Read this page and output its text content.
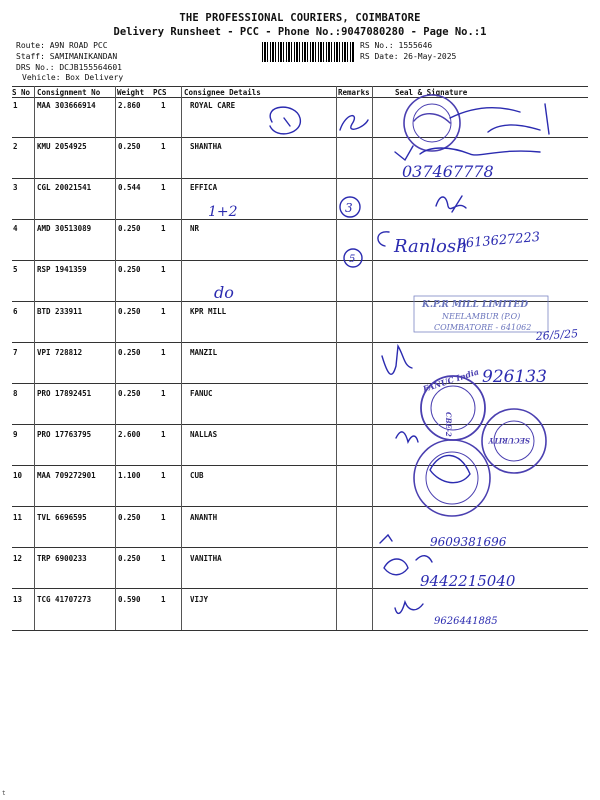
THE PROFESSIONAL COURIERS, COIMBATORE
Delivery Runsheet - PCC - Phone No.:9047080280 - Page No.:1
Route: A9N ROAD PCC
Staff: SAMIMANIKANDAN
DRS No.: DCJB155564601
Vehicle: Box Delivery
RS No.: 1555646
RS Date: 26-May-2025
S No Consignment No Weight PCS Consignee Details	Remarks	Seal & Signature
1	MAA 303666914	2.860	1	ROYAL CARE
2	KMU 2054925	0.250	1	SHANTHA
3	CGL 20021541	0.544	1	EFFICA
4	AMD 30513089	0.250	1	NR
5	RSP 1941359	0.250	1
6	BTD 233911	0.250	1	KPR MILL
7	VPI 728812	0.250	1	MANZIL
8	PRO 17892451	0.250	1	FANUC
9	PRO 17763795	2.600	1	NALLAS
10 MAA 709272901	1.100	1	CUB
11 TVL 6696595	0.250	1	ANANTH
12 TRP 6900233	0.250	1	VANITHA
13 TCG 41707273	0.590	1	VIJY
1+2	3
do
5
037467778
Ranlosh
9613627223
26/5/25
926133
9609381696
9442215040
9626441885
K.P.R MILL LIMITED
NEELAMBUR (P.O)
COIMBATORE - 641062
FANUC India
CBE-2
SECURITY
t
